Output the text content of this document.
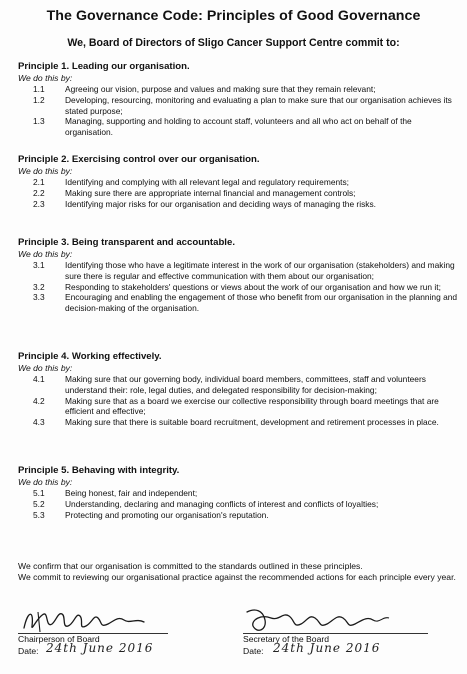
The Governance Code: Principles of Good Governance
We, Board of Directors of Sligo Cancer Support Centre commit to:

Principle 1. Leading our organisation.

We do this by:

1.1 Agreeing our vision, purpose and values and making sure that they remain relevant;
1.2 Developing, resourcing, monitoring and evaluating a plan to make sure that our organisation achieves its stated purpose;
1.3 Managing, supporting and holding to account staff, volunteers and all who act on behalf of the organisation.

Principle 2. Exercising control over our organisation.

We do this by:

2.1 Identifying and complying with all relevant legal and regulatory requirements;
2.2 Making sure there are appropriate internal financial and management controls;
2.3 Identifying major risks for our organisation and deciding ways of managing the risks.

Principle 3. Being transparent and accountable.

We do this by:

3.1 Identifying those who have a legitimate interest in the work of our organisation (stakeholders) and making sure there is regular and effective communication with them about our organisation;
3.2 Responding to stakeholders' questions or views about the work of our organisation and how we run it;
3.3 Encouraging and enabling the engagement of those who benefit from our organisation in the planning and decision-making of the organisation.

Principle 4. Working effectively.

We do this by:

4.1 Making sure that our governing body, individual board members, committees, staff and volunteers understand their: role, legal duties, and delegated responsibility for decision-making;
4.2 Making sure that as a board we exercise our collective responsibility through board meetings that are efficient and effective;
4.3 Making sure that there is suitable board recruitment, development and retirement processes in place.

Principle 5. Behaving with integrity.

We do this by:

5.1 Being honest, fair and independent;
5.2 Understanding, declaring and managing conflicts of interest and conflicts of loyalties;
5.3 Protecting and promoting our organisation's reputation.

We confirm that our organisation is committed to the standards outlined in these principles.

We commit to reviewing our organisational practice against the recommended actions for each principle every year.

Chairperson of Board
Date: 24th June 2016
Secretary of the Board
Date: 24th June 2016
